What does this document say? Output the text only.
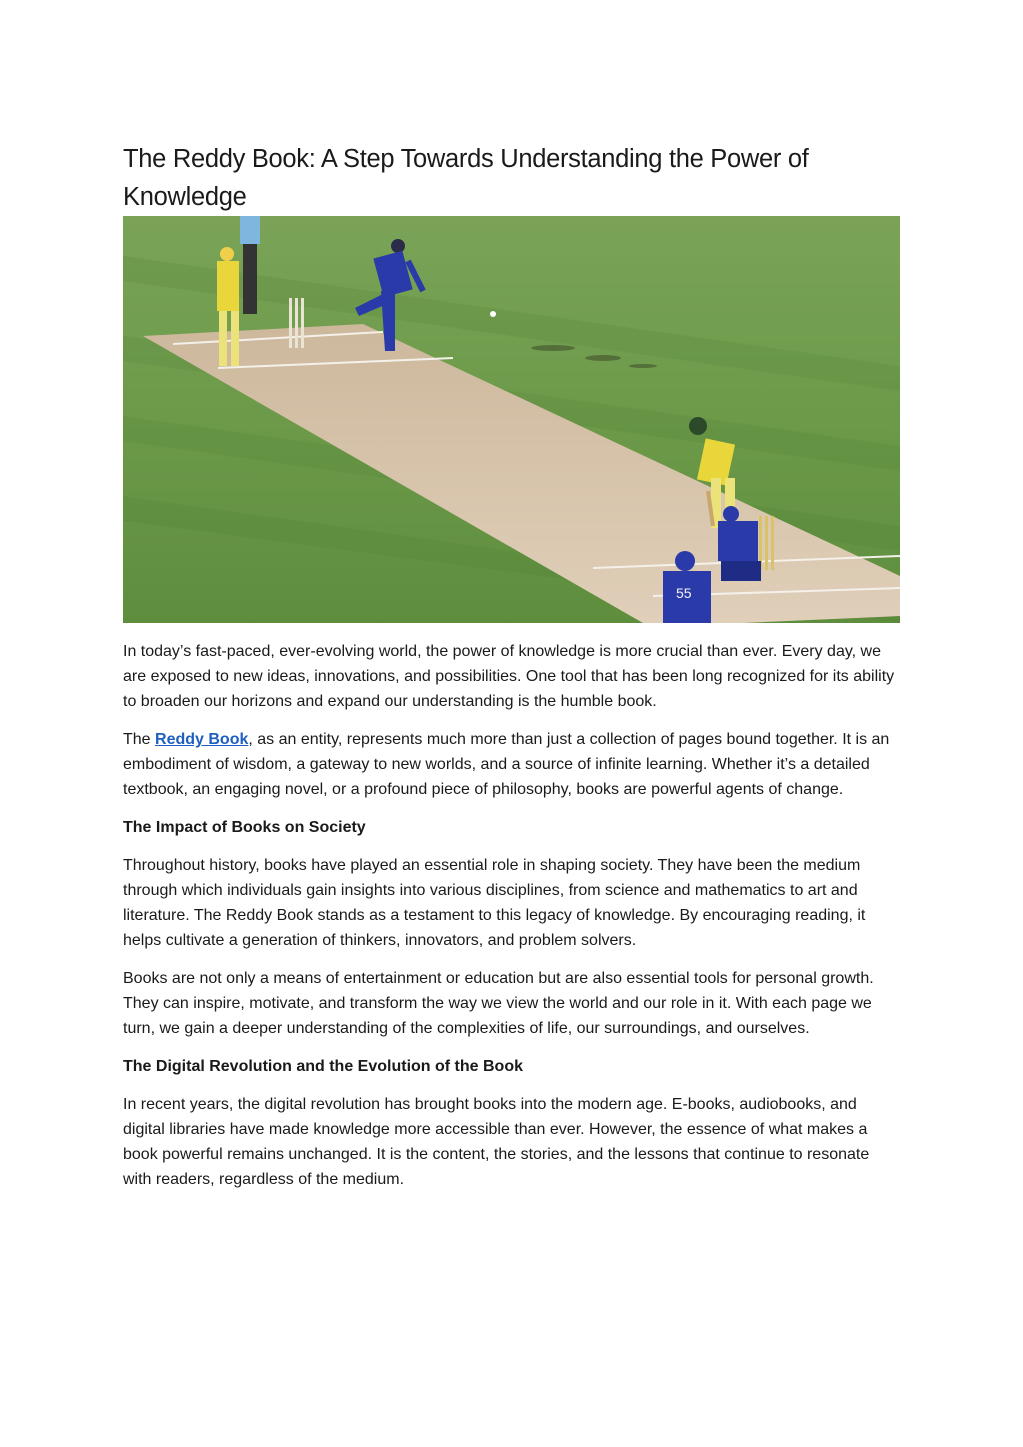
The Reddy Book: A Step Towards Understanding the Power of Knowledge
55

In today’s fast-paced, ever-evolving world, the power of knowledge is more crucial than ever. Every day, we are exposed to new ideas, innovations, and possibilities. One tool that has been long recognized for its ability to broaden our horizons and expand our understanding is the humble book.

The Reddy Book, as an entity, represents much more than just a collection of pages bound together. It is an embodiment of wisdom, a gateway to new worlds, and a source of infinite learning. Whether it’s a detailed textbook, an engaging novel, or a profound piece of philosophy, books are powerful agents of change.

The Impact of Books on Society

Throughout history, books have played an essential role in shaping society. They have been the medium through which individuals gain insights into various disciplines, from science and mathematics to art and literature. The Reddy Book stands as a testament to this legacy of knowledge. By encouraging reading, it helps cultivate a generation of thinkers, innovators, and problem solvers.

Books are not only a means of entertainment or education but are also essential tools for personal growth. They can inspire, motivate, and transform the way we view the world and our role in it. With each page we turn, we gain a deeper understanding of the complexities of life, our surroundings, and ourselves.

The Digital Revolution and the Evolution of the Book

In recent years, the digital revolution has brought books into the modern age. E-books, audiobooks, and digital libraries have made knowledge more accessible than ever. However, the essence of what makes a book powerful remains unchanged. It is the content, the stories, and the lessons that continue to resonate with readers, regardless of the medium.
